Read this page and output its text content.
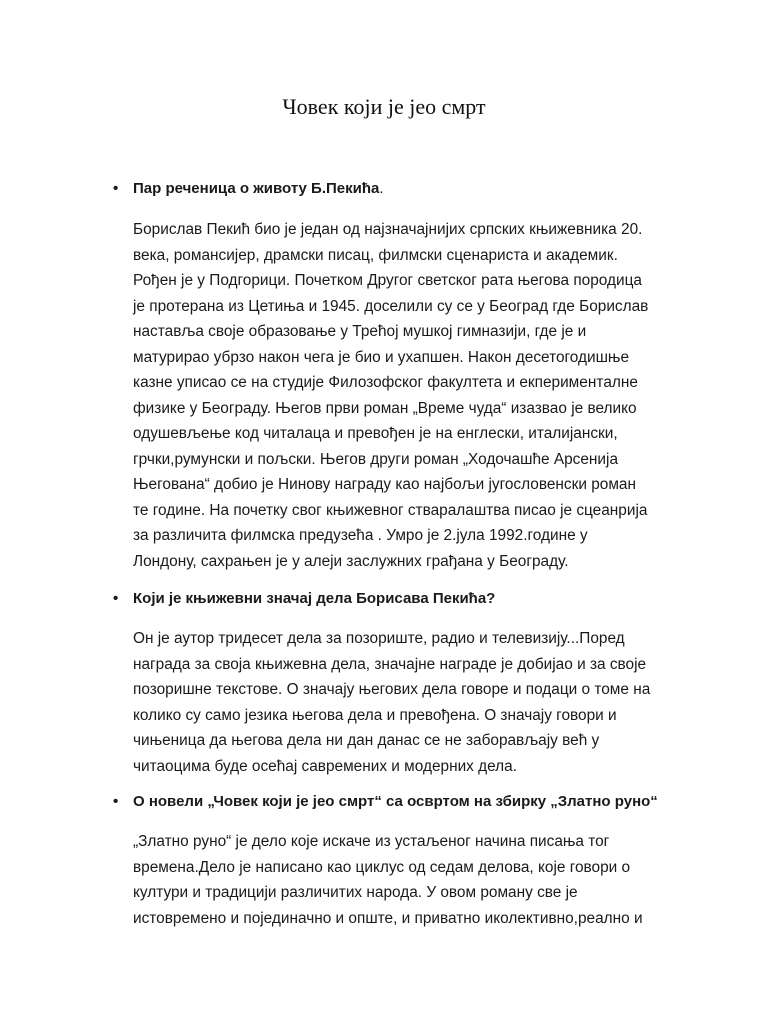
Човек који је јео смрт
• Пар реченица о животу Б.Пекића.
Борислав Пекић био је један од најзначајнијих српских књижевника 20.
века, романсијер, драмски писац, филмски сценариста и академик.
Рођен је у Подгорици. Почетком Другог светског рата његова породица
је протерана из Цетиња и 1945. доселили су се у Београд где Борислав
наставља своје образовање у Трећој мушкој гимназији, где је и
матурирао убрзо након чега је био и ухапшен. Након десетогодишње
казне уписао се на студије Филозофског факултета и екпериментaлне
физике у Београду. Његов први роман „Време чуда“ изазвао је велико
одушевљење код читалаца и превођен је на енглески, италијански,
грчки,румунски и пољски. Његов други роман „Ходочашће Арсенија
Његована“ добио је Нинову награду као најбољи југословенски роман
те године. На почетку свог књижевног стваралаштва писао је сцеанрија
за различита филмска предузећа . Умро је 2.јула 1992.године у
Лондону, сахрањен је у алеји заслужних грађана у Београду.
• Који је књижевни значај дела Борисава Пекића?
Он је аутор тридесет дела за позориште, радио и телевизију...Поред
награда за своја књижевна дела, значајне награде је добијао и за своје
позоришне текстове. О значају његових дела говоре и подаци о томе на
колико су само језика његова дела и превођена. О значају говори и
чињеница да његова дела ни дан данас се не заборављају већ у
читаоцима буде осећај савремених и модерних дела.
• О новели „Човек који је јео смрт“ са освртом на збирку „Златно руно“
„Златно руно“ је дело које искаче из устаљеног начина писања тог
времена.Дело је написано као циклус од седам делова, које говори о
култури и традицији различитих народа. У овом роману све је
истовремено и појединачно и опште, и приватно иколективно,реално и
